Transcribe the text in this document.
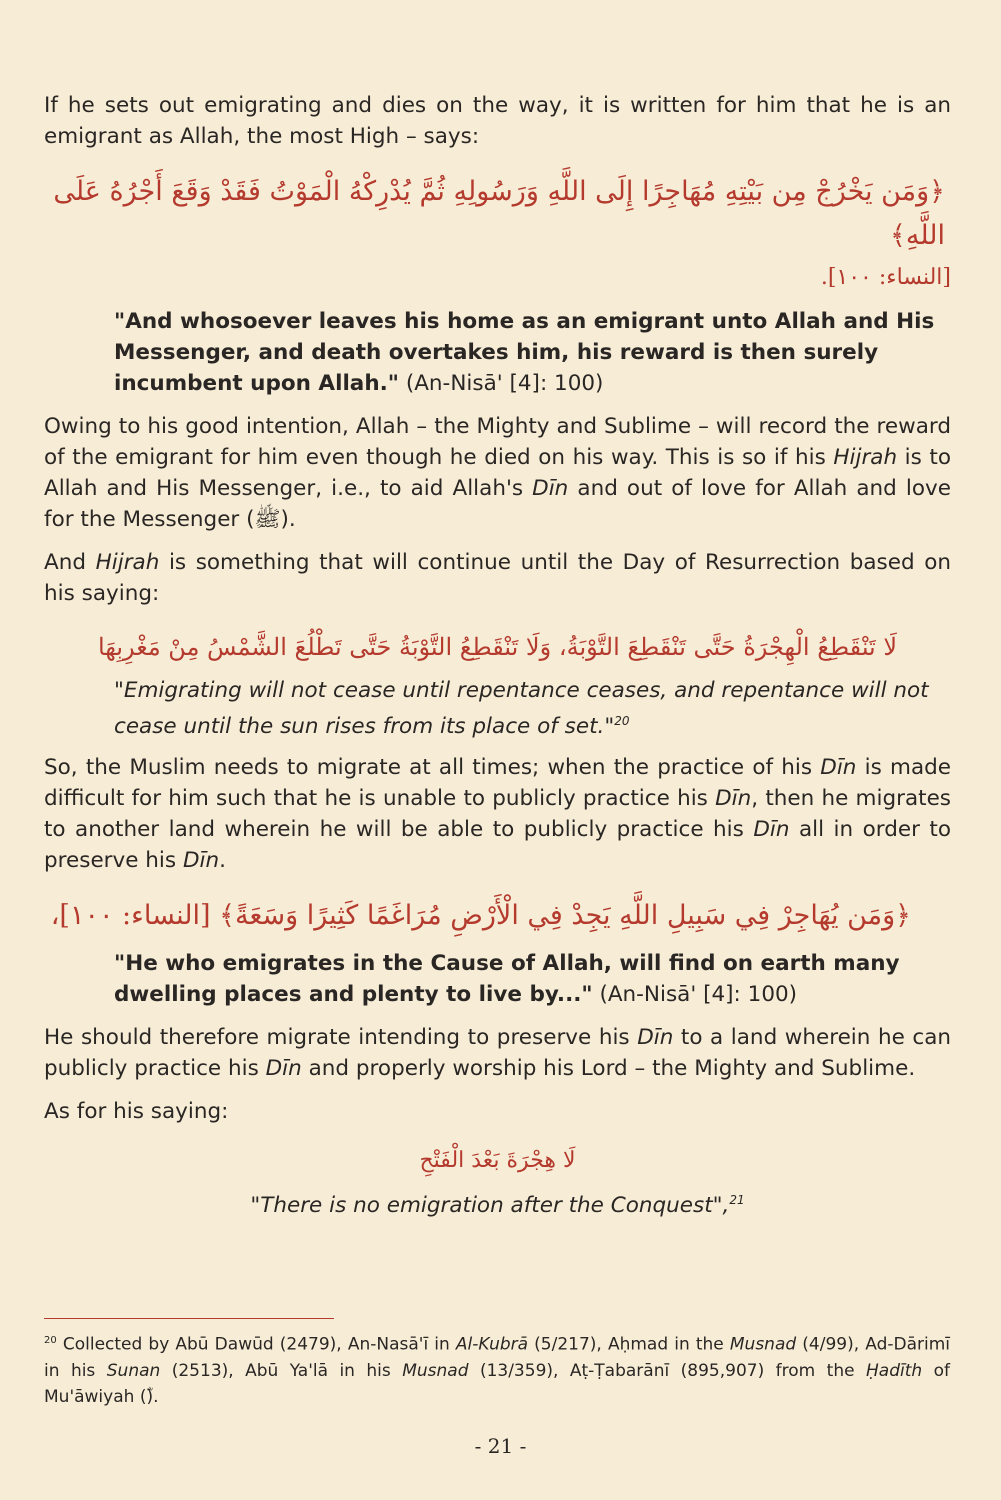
If he sets out emigrating and dies on the way, it is written for him that he is an emigrant as Allah, the most High – says:

﴿وَمَن يَخْرُجْ مِن بَيْتِهِ مُهَاجِرًا إِلَى اللَّهِ وَرَسُولِهِ ثُمَّ يُدْرِكْهُ الْمَوْتُ فَقَدْ وَقَعَ أَجْرُهُ عَلَى اللَّهِ﴾

[النساء: ١٠٠].

"And whosoever leaves his home as an emigrant unto Allah and His Messenger, and death overtakes him, his reward is then surely incumbent upon Allah." (An-Nisā' [4]: 100)

Owing to his good intention, Allah – the Mighty and Sublime – will record the reward of the emigrant for him even though he died on his way. This is so if his Hijrah is to Allah and His Messenger, i.e., to aid Allah's Dīn and out of love for Allah and love for the Messenger (ﷺ).

And Hijrah is something that will continue until the Day of Resurrection based on his saying:

لَا تَنْقَطِعُ الْهِجْرَةُ حَتَّى تَنْقَطِعَ التَّوْبَةُ، وَلَا تَنْقَطِعُ التَّوْبَةُ حَتَّى تَطْلُعَ الشَّمْسُ مِنْ مَغْرِبِهَا

"Emigrating will not cease until repentance ceases, and repentance will not cease until the sun rises from its place of set."$^{20}$

So, the Muslim needs to migrate at all times; when the practice of his Dīn is made difficult for him such that he is unable to publicly practice his Dīn, then he migrates to another land wherein he will be able to publicly practice his Dīn all in order to preserve his Dīn.

﴿وَمَن يُهَاجِرْ فِي سَبِيلِ اللَّهِ يَجِدْ فِي الْأَرْضِ مُرَاغَمًا كَثِيرًا وَسَعَةً﴾ [النساء: ١٠٠]،

"He who emigrates in the Cause of Allah, will find on earth many dwelling places and plenty to live by..." (An-Nisā' [4]: 100)

He should therefore migrate intending to preserve his Dīn to a land wherein he can publicly practice his Dīn and properly worship his Lord – the Mighty and Sublime.

As for his saying:

لَا هِجْرَةَ بَعْدَ الْفَتْحِ

"There is no emigration after the Conquest",$^{21}$

$^{20}$ Collected by Abū Dawūd (2479), An-Nasā'ī in Al-Kubrā (5/217), Aḥmad in the Musnad (4/99), Ad-Dārimī in his Sunan (2513), Abū Ya'lā in his Musnad (13/359), Aṭ-Ṭabarānī (895,907) from the Ḥadīth of Mu'āwiyah (ؓ).

- 21 -
